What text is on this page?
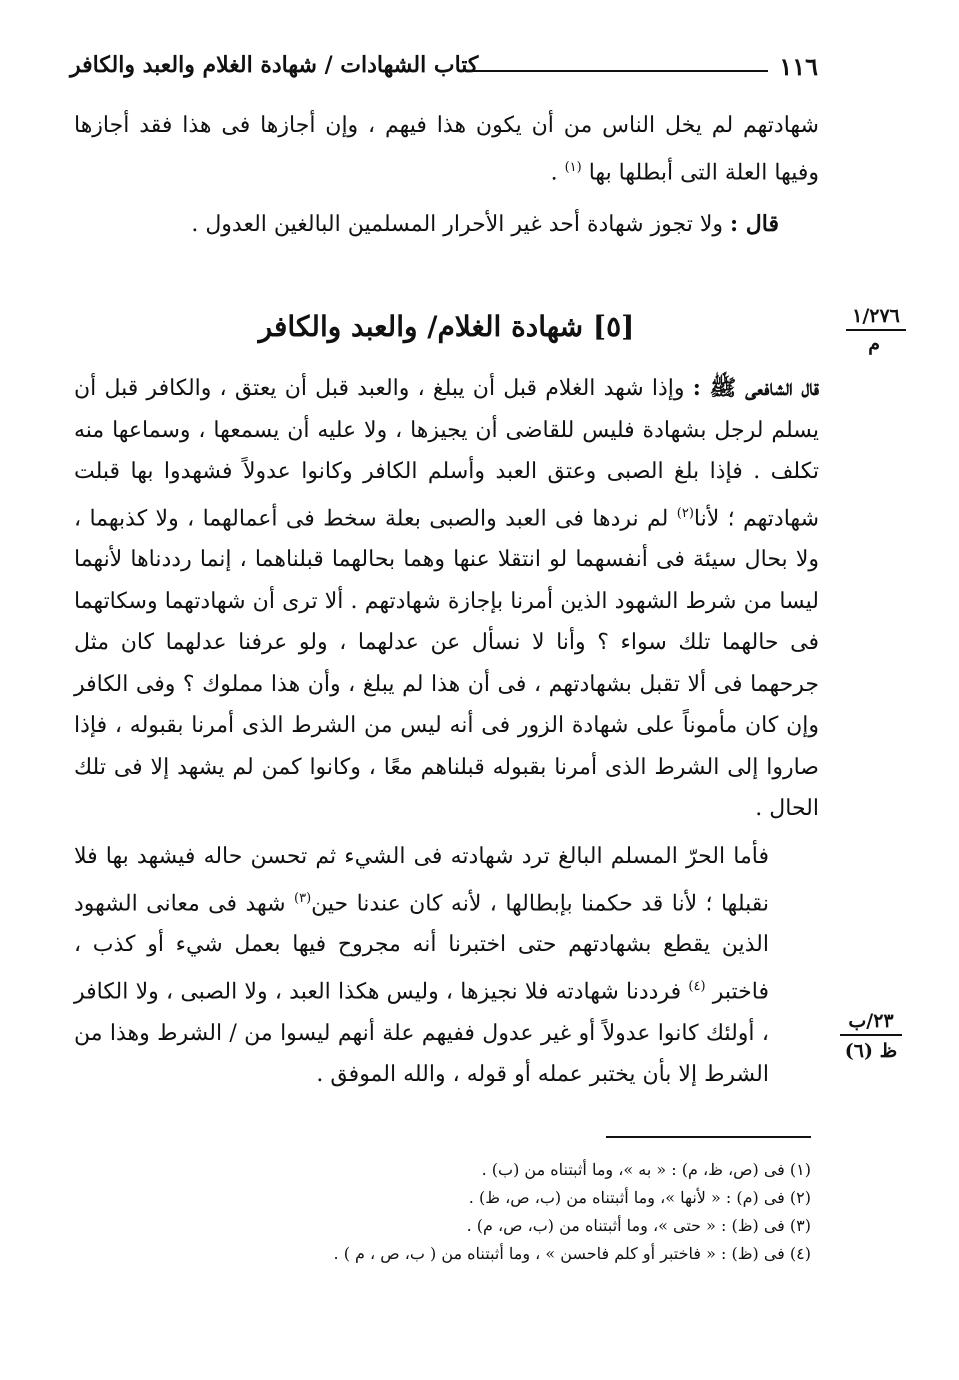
١١٦
كتاب الشهادات / شهادة الغلام والعبد والكافر

شهادتهم لم يخل الناس من أن يكون هذا فيهم ، وإن أجازها فى هذا فقد أجازها وفيها العلة التى أبطلها بها $^{(١)}$ .

قال : ولا تجوز شهادة أحد غير الأحرار المسلمين البالغين العدول .
١/٢٧٦
م
[٥] شهادة الغلام/ والعبد والكافر

قال الشافعى ﷺ : وإذا شهد الغلام قبل أن يبلغ ، والعبد قبل أن يعتق ، والكافر قبل أن يسلم لرجل بشهادة فليس للقاضى أن يجيزها ، ولا عليه أن يسمعها ، وسماعها منه تكلف . فإذا بلغ الصبى وعتق العبد وأسلم الكافر وكانوا عدولاً فشهدوا بها قبلت شهادتهم ؛ لأنا$^{(٢)}$ لم نردها فى العبد والصبى بعلة سخط فى أعمالهما ، ولا كذبهما ، ولا بحال سيئة فى أنفسهما لو انتقلا عنها وهما بحالهما قبلناهما ، إنما رددناها لأنهما ليسا من شرط الشهود الذين أمرنا بإجازة شهادتهم . ألا ترى أن شهادتهما وسكاتهما فى حالهما تلك سواء ؟ وأنا لا نسأل عن عدلهما ، ولو عرفنا عدلهما كان مثل جرحهما فى ألا تقبل بشهادتهم ، فى أن هذا لم يبلغ ، وأن هذا مملوك ؟ وفى الكافر وإن كان مأموناً على شهادة الزور فى أنه ليس من الشرط الذى أمرنا بقبوله ، فإذا صاروا إلى الشرط الذى أمرنا بقبوله قبلناهم معًا ، وكانوا كمن لم يشهد إلا فى تلك الحال .

فأما الحرّ المسلم البالغ ترد شهادته فى الشيء ثم تحسن حاله فيشهد بها فلا نقبلها ؛ لأنا قد حكمنا بإبطالها ، لأنه كان عندنا حين$^{(٣)}$ شهد فى معانى الشهود الذين يقطع بشهادتهم حتى اختبرنا أنه مجروح فيها بعمل شيء أو كذب ، فاختبر $^{(٤)}$ فرددنا شهادته فلا نجيزها ، وليس هكذا العبد ، ولا الصبى ، ولا الكافر ، أولئك كانوا عدولاً أو غير عدول ففيهم علة أنهم ليسوا من / الشرط وهذا من الشرط إلا بأن يختبر عمله أو قوله ، والله الموفق .

٢٣/ب
ظ (٦)
(١) فى (ص، ظ، م) : « به »، وما أثبتناه من (ب) .
(٢) فى (م) : « لأنها »، وما أثبتناه من (ب، ص، ظ) .
(٣) فى (ظ) : « حتى »، وما أثبتناه من (ب، ص، م) .
(٤) فى (ظ) : « فاختبر أو كلم فاحسن » ، وما أثبتناه من ( ب، ص ، م ) .
